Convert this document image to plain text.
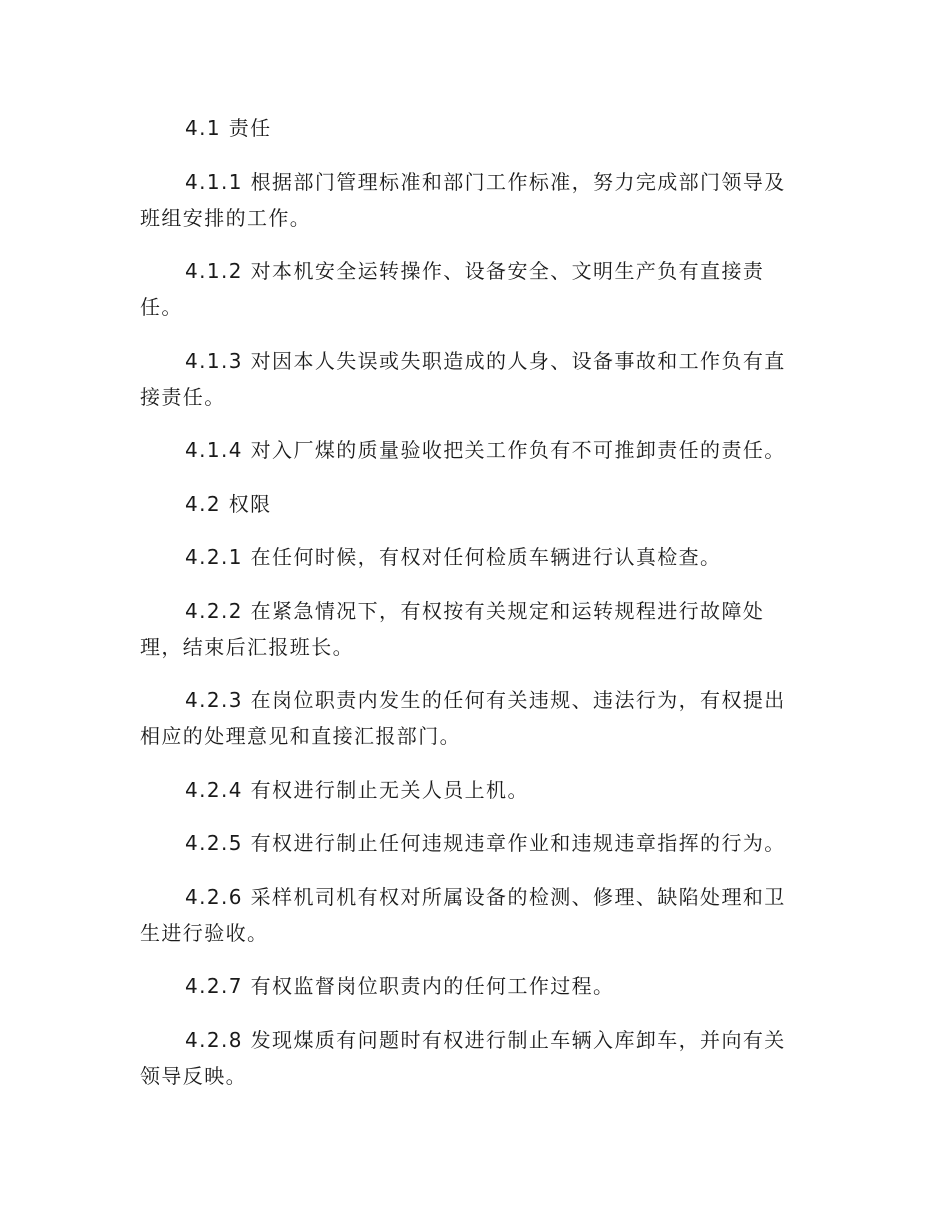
4.1 责任

4.1.1 根据部门管理标准和部门工作标准，努力完成部门领导及班组安排的工作。

4.1.2 对本机安全运转操作、设备安全、文明生产负有直接责任。

4.1.3 对因本人失误或失职造成的人身、设备事故和工作负有直接责任。

4.1.4 对入厂煤的质量验收把关工作负有不可推卸责任的责任。

4.2 权限

4.2.1 在任何时候，有权对任何检质车辆进行认真检查。

4.2.2 在紧急情况下，有权按有关规定和运转规程进行故障处理，结束后汇报班长。

4.2.3 在岗位职责内发生的任何有关违规、违法行为，有权提出相应的处理意见和直接汇报部门。

4.2.4 有权进行制止无关人员上机。

4.2.5 有权进行制止任何违规违章作业和违规违章指挥的行为。

4.2.6 采样机司机有权对所属设备的检测、修理、缺陷处理和卫生进行验收。

4.2.7 有权监督岗位职责内的任何工作过程。

4.2.8 发现煤质有问题时有权进行制止车辆入库卸车，并向有关领导反映。
